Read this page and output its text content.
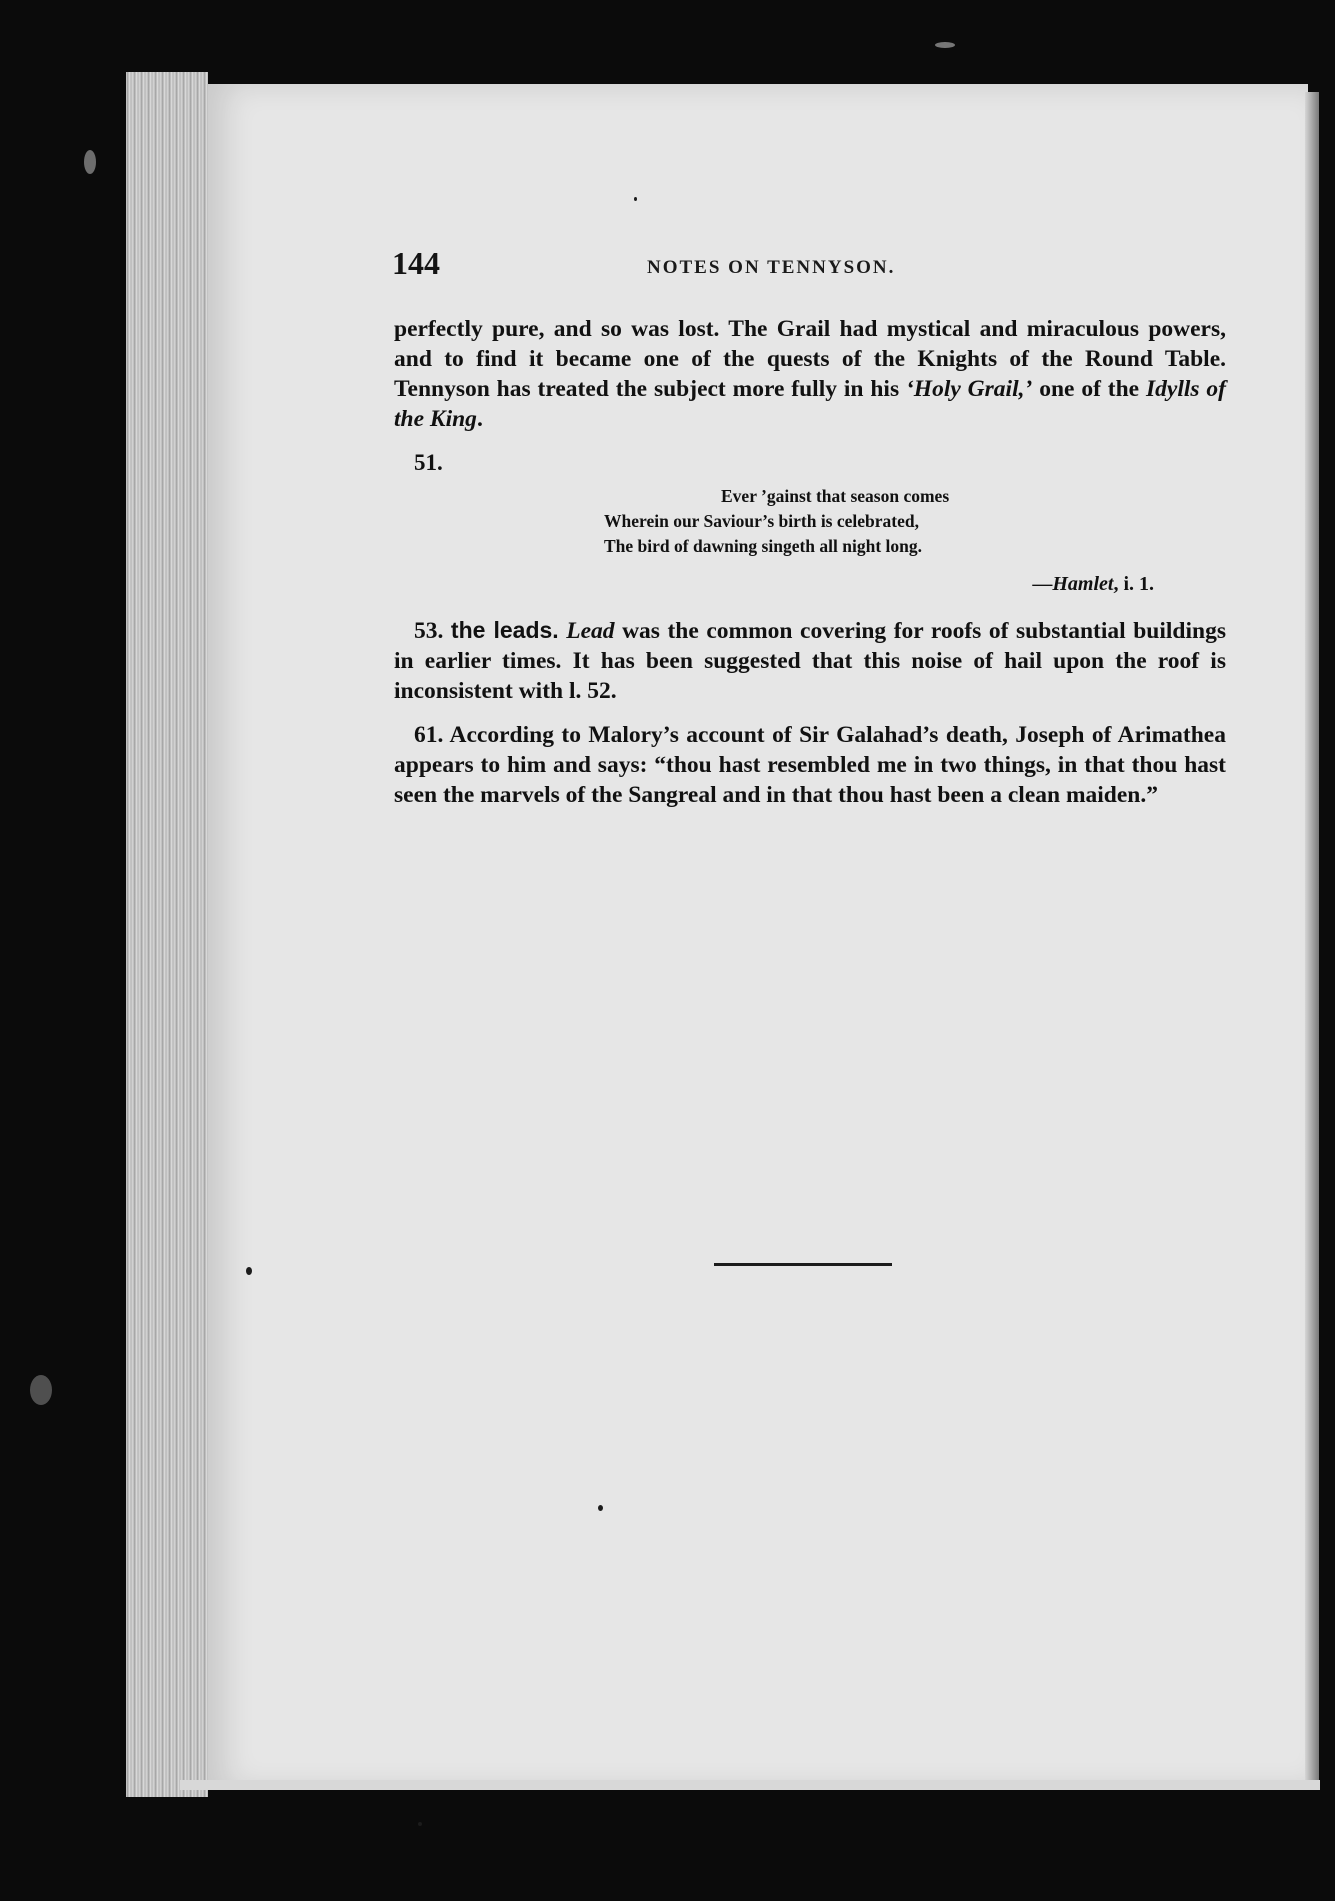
144	NOTES ON TENNYSON.

perfectly pure, and so was lost. The Grail had mystical and miraculous powers, and to find it became one of the quests of the Knights of the Round Table. Tennyson has treated the subject more fully in his ‘Holy Grail,’ one of the Idylls of the King.

51.
Ever ’gainst that season comes
Wherein our Saviour’s birth is celebrated,
The bird of dawning singeth all night long.
—Hamlet, i. 1.

53. the leads. Lead was the common covering for roofs of substantial buildings in earlier times. It has been suggested that this noise of hail upon the roof is inconsistent with l. 52.

61. According to Malory’s account of Sir Galahad’s death, Joseph of Arimathea appears to him and says: “thou hast resembled me in two things, in that thou hast seen the marvels of the Sangreal and in that thou hast been a clean maiden.”
